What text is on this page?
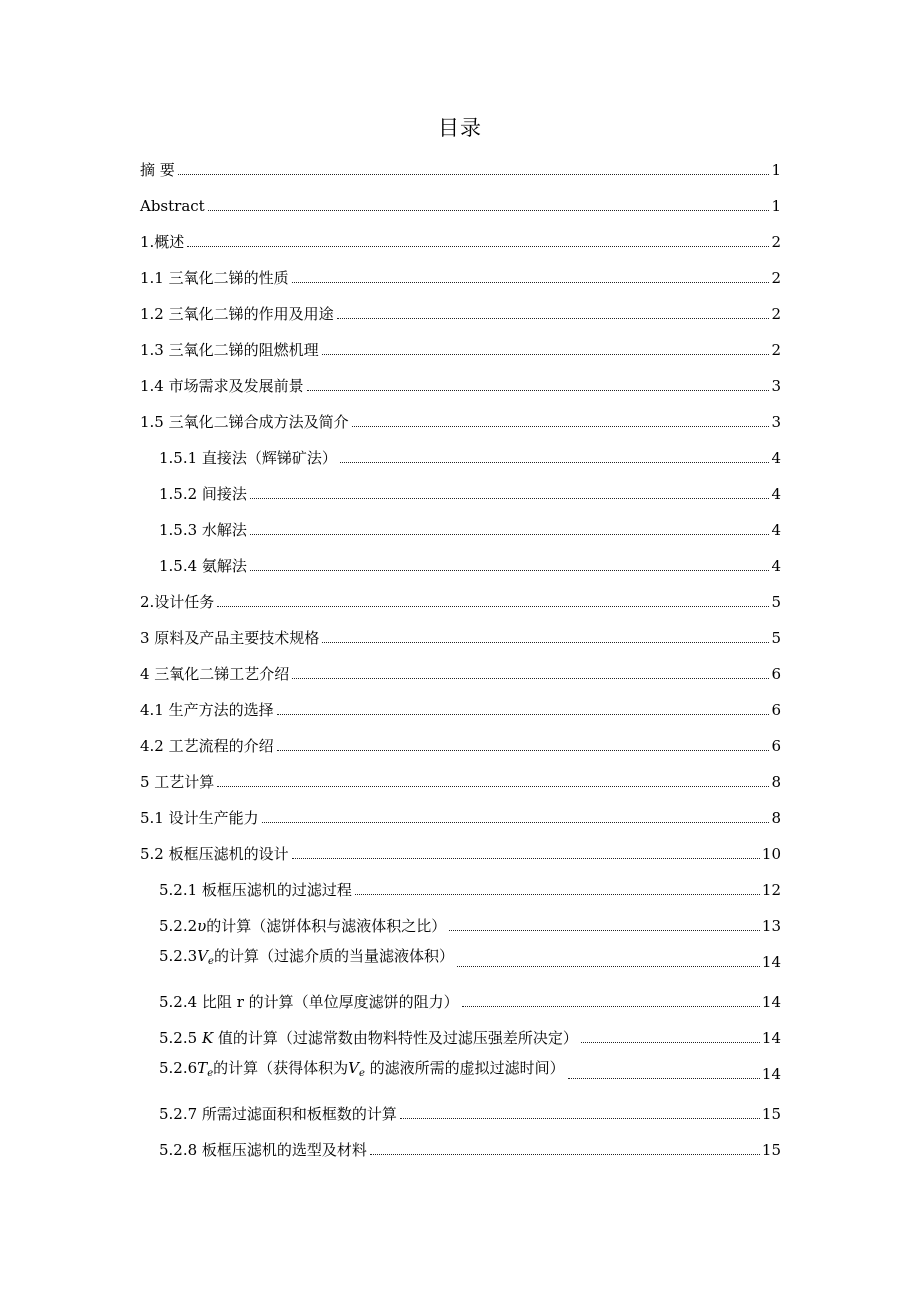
目录
摘 要	1
Abstract	1
1.概述	2
1.1 三氧化二锑的性质	2
1.2 三氧化二锑的作用及用途	2
1.3 三氧化二锑的阻燃机理	2
1.4 市场需求及发展前景	3
1.5 三氧化二锑合成方法及简介	3
1.5.1 直接法（辉锑矿法）	4
1.5.2 间接法	4
1.5.3 水解法	4
1.5.4 氨解法	4
2.设计任务	5
3 原料及产品主要技术规格	5
4 三氧化二锑工艺介绍	6
4.1 生产方法的选择	6
4.2 工艺流程的介绍	6
5 工艺计算	8
5.1 设计生产能力	8
5.2 板框压滤机的设计	10
5.2.1 板框压滤机的过滤过程	12
5.2.2υ的计算（滤饼体积与滤液体积之比）	13
$5.2.3V_e$的计算（过滤介质的当量滤液体积）	14
5.2.4 比阻 r 的计算（单位厚度滤饼的阻力）	14
5.2.5 K 值的计算（过滤常数由物料特性及过滤压强差所决定）	14
$5.2.6T_e$的计算（获得体积为$V_e$ 的滤液所需的虚拟过滤时间）	14
5.2.7 所需过滤面积和板框数的计算	15
5.2.8 板框压滤机的选型及材料	15
